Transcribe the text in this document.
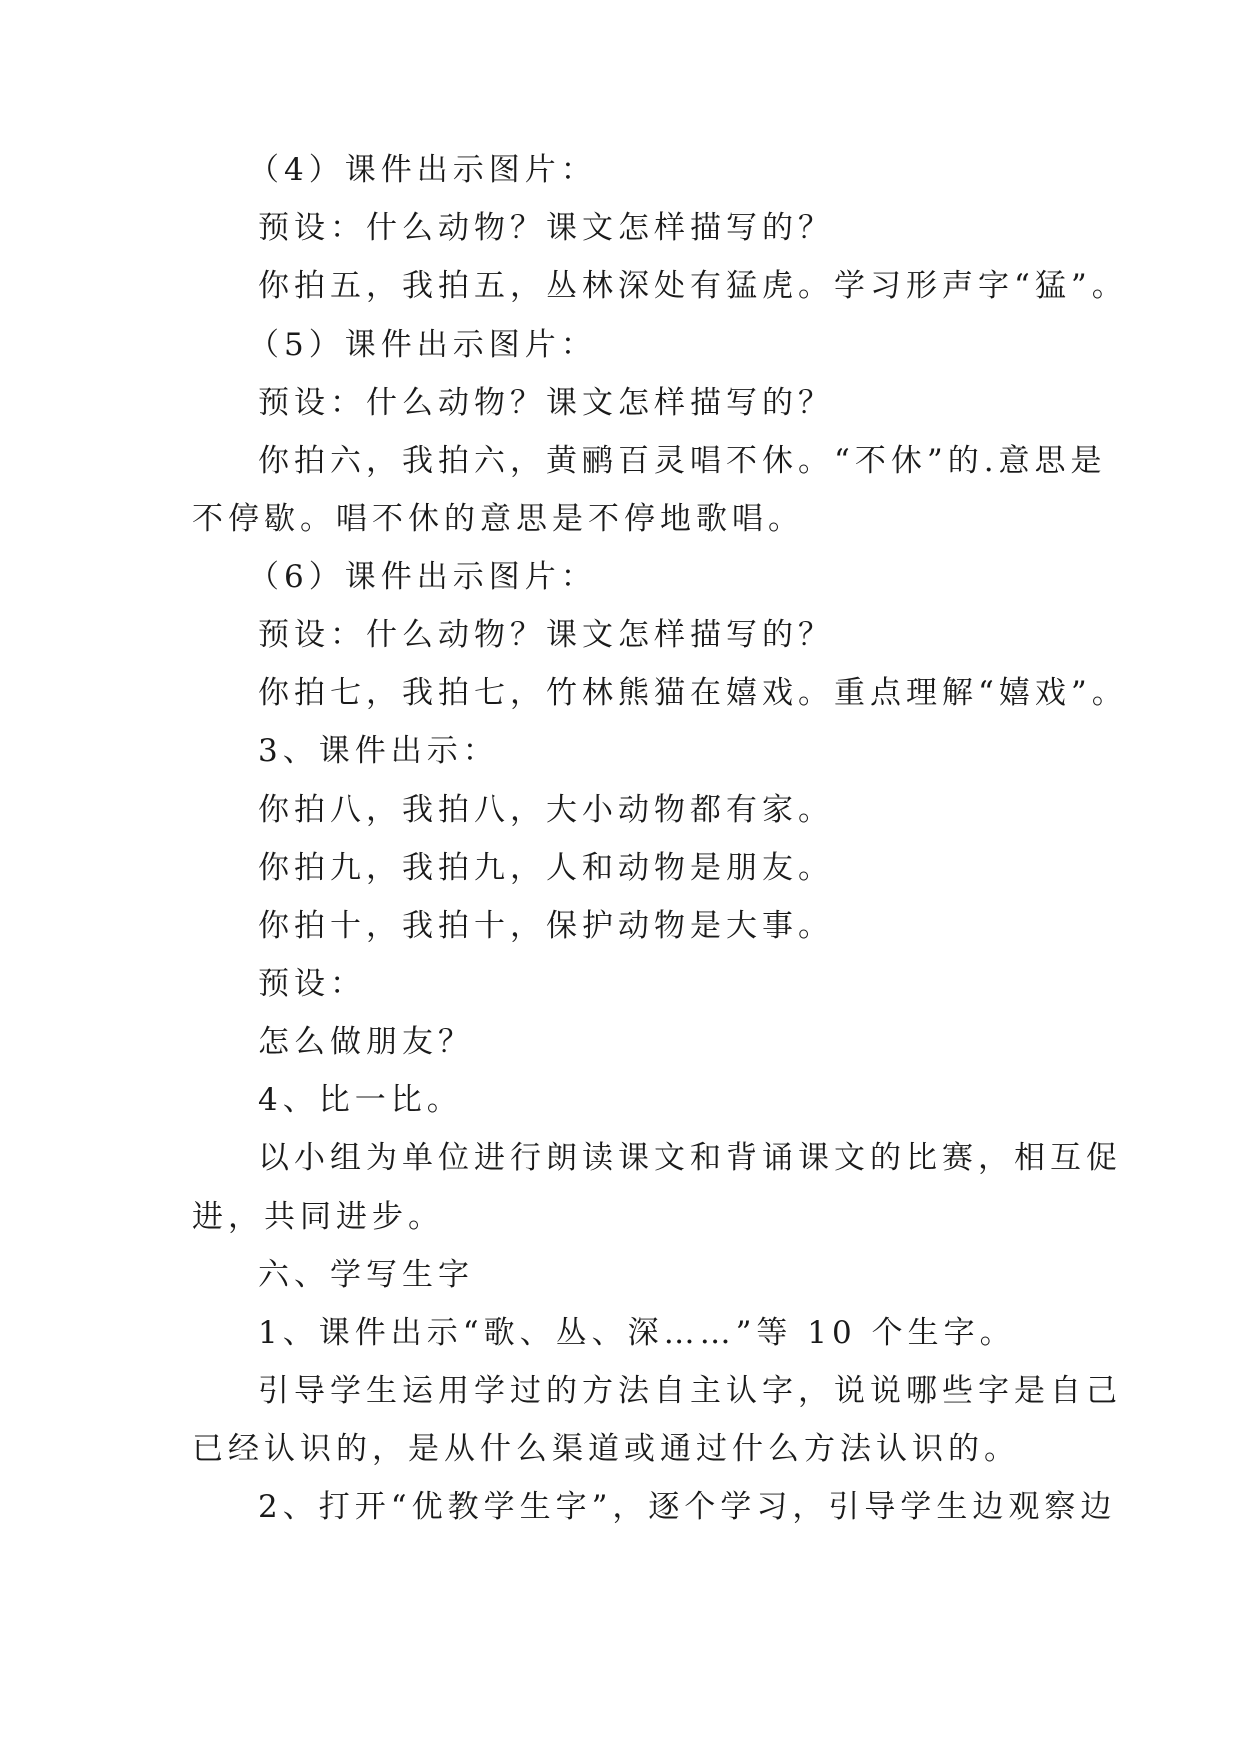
（4）课件出示图片：
预设：什么动物？课文怎样描写的？
你拍五，我拍五，丛林深处有猛虎。学习形声字“猛”。
（5）课件出示图片：
预设：什么动物？课文怎样描写的？
你拍六，我拍六，黄鹂百灵唱不休。“不休”的.意思是
不停歇。唱不休的意思是不停地歌唱。
（6）课件出示图片：
预设：什么动物？课文怎样描写的？
你拍七，我拍七，竹林熊猫在嬉戏。重点理解“嬉戏”。
3、课件出示：
你拍八，我拍八，大小动物都有家。
你拍九，我拍九，人和动物是朋友。
你拍十，我拍十，保护动物是大事。
预设：
怎么做朋友？
4、比一比。
以小组为单位进行朗读课文和背诵课文的比赛，相互促
进，共同进步。
六、学写生字
1、课件出示“歌、丛、深……”等 10 个生字。
引导学生运用学过的方法自主认字，说说哪些字是自己
已经认识的，是从什么渠道或通过什么方法认识的。
2、打开“优教学生字”，逐个学习，引导学生边观察边
